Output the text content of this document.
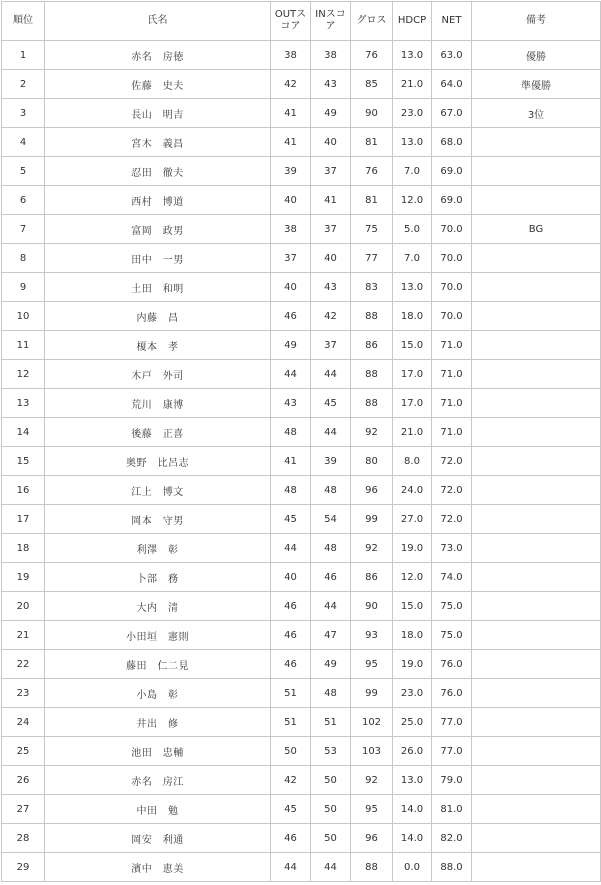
順位	氏名	OUTスコア	INスコア	グロス	HDCP	NET	備考
1	赤名　房徳	38	38	76	13.0	63.0	優勝
2	佐藤　史夫	42	43	85	21.0	64.0	準優勝
3	長山　明吉	41	49	90	23.0	67.0	3位
4	宮木　義昌	41	40	81	13.0	68.0	
5	忍田　徹夫	39	37	76	7.0	69.0	
6	西村　博道	40	41	81	12.0	69.0	
7	富岡　政男	38	37	75	5.0	70.0	BG
8	田中　一男	37	40	77	7.0	70.0	
9	土田　和明	40	43	83	13.0	70.0	
10	内藤　昌	46	42	88	18.0	70.0	
11	榎本　孝	49	37	86	15.0	71.0	
12	木戸　外司	44	44	88	17.0	71.0	
13	荒川　康博	43	45	88	17.0	71.0	
14	後藤　正喜	48	44	92	21.0	71.0	
15	奥野　比呂志	41	39	80	8.0	72.0	
16	江上　博文	48	48	96	24.0	72.0	
17	岡本　守男	45	54	99	27.0	72.0	
18	利澤　彰	44	48	92	19.0	73.0	
19	卜部　務	40	46	86	12.0	74.0	
20	大内　清	46	44	90	15.0	75.0	
21	小田垣　憲則	46	47	93	18.0	75.0	
22	藤田　仁二見	46	49	95	19.0	76.0	
23	小島　彰	51	48	99	23.0	76.0	
24	井出　修	51	51	102	25.0	77.0	
25	池田　忠輔	50	53	103	26.0	77.0	
26	赤名　房江	42	50	92	13.0	79.0	
27	中田　勉	45	50	95	14.0	81.0	
28	岡安　利通	46	50	96	14.0	82.0	
29	濱中　恵美	44	44	88	0.0	88.0	
